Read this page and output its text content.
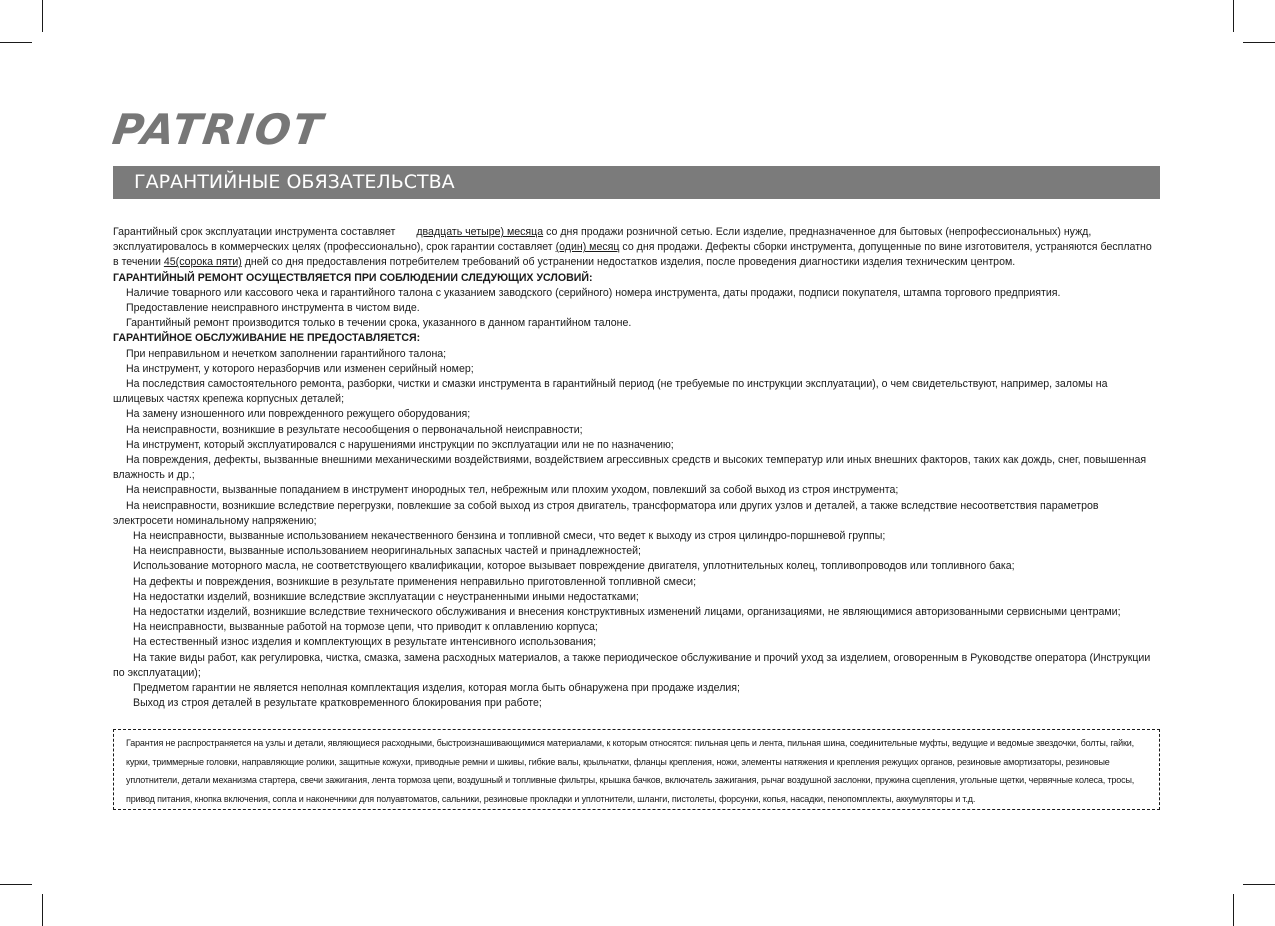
PATRIOT
ГАРАНТИЙНЫЕ ОБЯЗАТЕЛЬСТВА

Гарантийный срок эксплуатации инструмента составляет двадцать четыре) месяца со дня продажи розничной сетью. Если изделие, предназначенное для бытовых (непрофессиональных) нужд, эксплуатировалось в коммерческих целях (профессионально), срок гарантии составляет (один) месяц со дня продажи. Дефекты сборки инструмента, допущенные по вине изготовителя, устраняются бесплатно в течении 45(сорока пяти) дней со дня предоставления потребителем требований об устранении недостатков изделия, после проведения диагностики изделия техническим центром.

ГАРАНТИЙНЫЙ РЕМОНТ ОСУЩЕСТВЛЯЕТСЯ ПРИ СОБЛЮДЕНИИ СЛЕДУЮЩИХ УСЛОВИЙ:

Наличие товарного или кассового чека и гарантийного талона с указанием заводского (серийного) номера инструмента, даты продажи, подписи покупателя, штампа торгового предприятия.

Предоставление неисправного инструмента в чистом виде.

Гарантийный ремонт производится только в течении срока, указанного в данном гарантийном талоне.

ГАРАНТИЙНОЕ ОБСЛУЖИВАНИЕ НЕ ПРЕДОСТАВЛЯЕТСЯ:

При неправильном и нечетком заполнении гарантийного талона;

На инструмент, у которого неразборчив или изменен серийный номер;

На последствия самостоятельного ремонта, разборки, чистки и смазки инструмента в гарантийный период (не требуемые по инструкции эксплуатации), о чем свидетельствуют, например, заломы на шлицевых частях крепежа корпусных деталей;

На замену изношенного или поврежденного режущего оборудования;

На неисправности, возникшие в результате несообщения о первоначальной неисправности;

На инструмент, который эксплуатировался с нарушениями инструкции по эксплуатации или не по назначению;

На повреждения, дефекты, вызванные внешними механическими воздействиями, воздействием агрессивных средств и высоких температур или иных внешних факторов, таких как дождь, снег, повышенная влажность и др.;

На неисправности, вызванные попаданием в инструмент инородных тел, небрежным или плохим уходом, повлекший за собой выход из строя инструмента;

На неисправности, возникшие вследствие перегрузки, повлекшие за собой выход из строя двигатель, трансформатора или других узлов и деталей, а также вследствие несоответствия параметров электросети номинальному напряжению;

На неисправности, вызванные использованием некачественного бензина и топливной смеси, что ведет к выходу из строя цилиндро-поршневой группы;

На неисправности, вызванные использованием неоригинальных запасных частей и принадлежностей;

Использование моторного масла, не соответствующего квалификации, которое вызывает повреждение двигателя, уплотнительных колец, топливопроводов или топливного бака;

На дефекты и повреждения, возникшие в результате применения неправильно приготовленной топливной смеси;

На недостатки изделий, возникшие вследствие эксплуатации с неустраненными иными недостатками;

На недостатки изделий, возникшие вследствие технического обслуживания и внесения конструктивных изменений лицами, организациями, не являющимися авторизованными сервисными центрами;

На неисправности, вызванные работой на тормозе цепи, что приводит к оплавлению корпуса;

На естественный износ изделия и комплектующих в результате интенсивного использования;

На такие виды работ, как регулировка, чистка, смазка, замена расходных материалов, а также периодическое обслуживание и прочий уход за изделием, оговоренным в Руководстве оператора (Инструкции по эксплуатации);

Предметом гарантии не является неполная комплектация изделия, которая могла быть обнаружена при продаже изделия;

Выход из строя деталей в результате кратковременного блокирования при работе;

Гарантия не распространяется на узлы и детали, являющиеся расходными, быстроизнашивающимися материалами, к которым относятся: пильная цепь и лента, пильная шина, соединительные муфты, ведущие и ведомые звездочки, болты, гайки, курки, триммерные головки, направляющие ролики, защитные кожухи, приводные ремни и шкивы, гибкие валы, крыльчатки, фланцы крепления, ножи, элементы натяжения и крепления режущих органов, резиновые амортизаторы, резиновые уплотнители, детали механизма стартера, свечи зажигания, лента тормоза цепи, воздушный и топливные фильтры, крышка бачков, включатель зажигания, рычаг воздушной заслонки, пружина сцепления, угольные щетки, червячные колеса, тросы, привод питания, кнопка включения, сопла и наконечники для полуавтоматов, сальники, резиновые прокладки и уплотнители, шланги, пистолеты, форсунки, копья, насадки, пенопомплекты, аккумуляторы и т.д.
